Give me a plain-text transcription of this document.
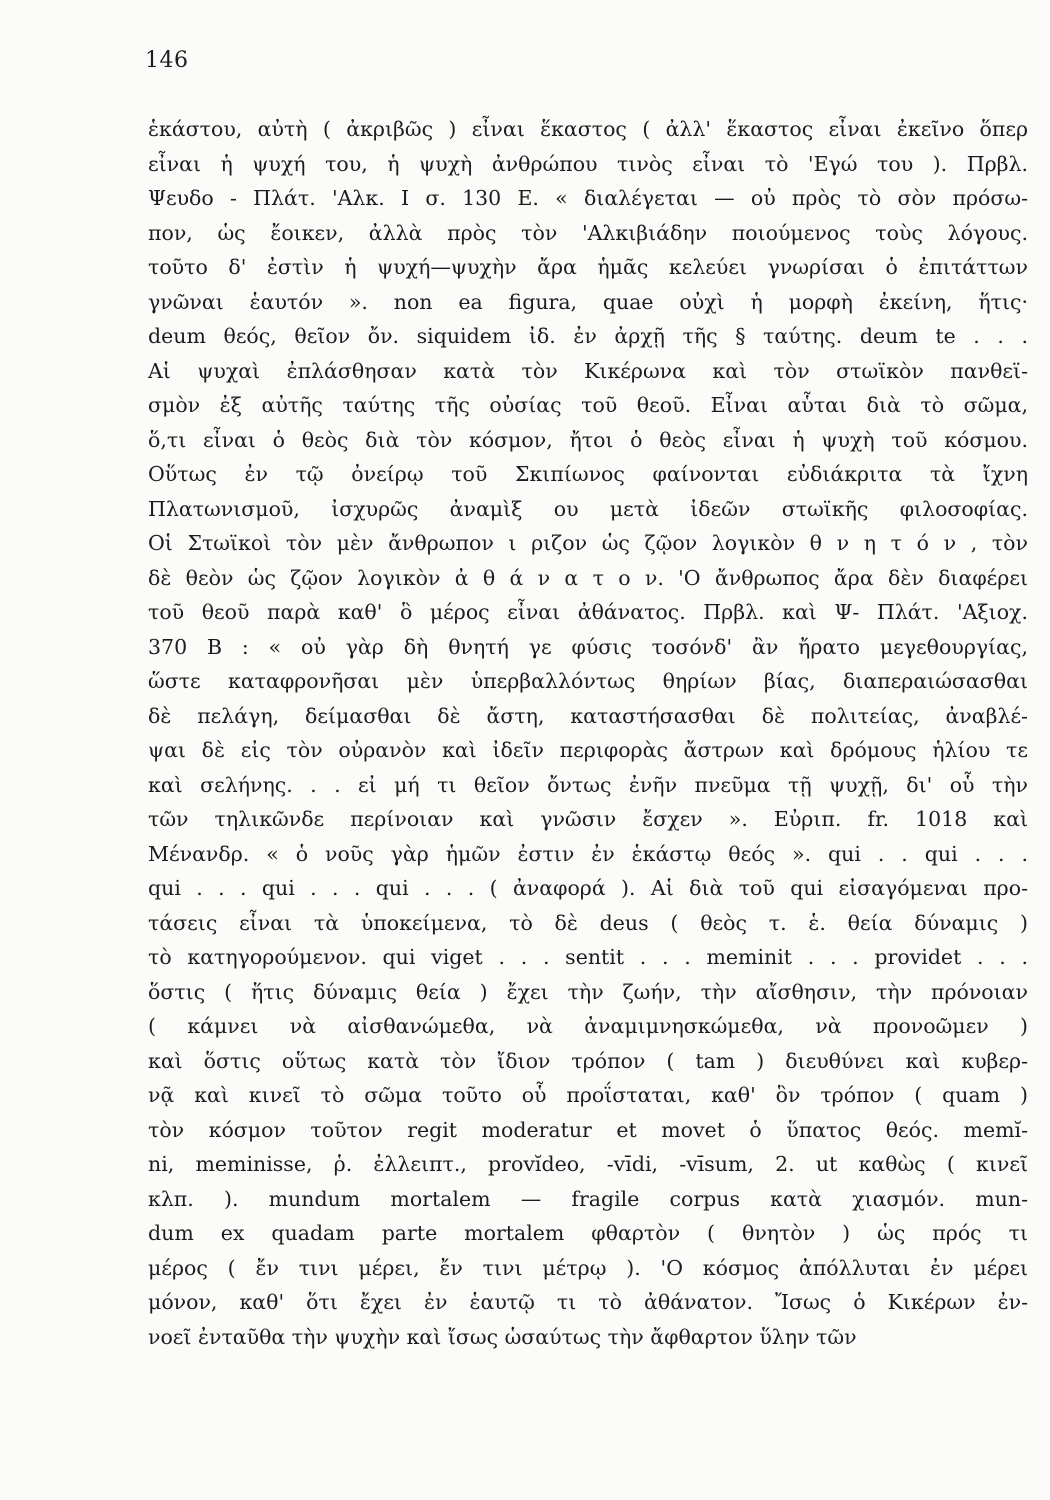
146
ἑκάστου, αὐτὴ ( ἀκριβῶς ) εἶναι ἕκαστος ( ἀλλ' ἕκαστος εἶναι ἐκεῖνο ὅπερ
εἶναι ἡ ψυχή του, ἡ ψυχὴ ἀνθρώπου τινὸς εἶναι τὸ 'Εγώ του ). Πρβλ.
Ψευδο - Πλάτ. 'Αλκ. Ι σ. 130 Ε. « διαλέγεται — οὐ πρὸς τὸ σὸν πρόσω-
πον, ὡς ἔοικεν, ἀλλὰ πρὸς τὸν 'Αλκιβιάδην ποιούμενος τοὺς λόγους.
τοῦτο δ' ἐστὶν ἡ ψυχή—ψυχὴν ἄρα ἡμᾶς κελεύει γνωρίσαι ὁ ἐπιτάττων
γνῶναι ἑαυτόν ». non ea figura, quae οὐχὶ ἡ μορφὴ ἐκείνη, ἥτις·
deum θεός, θεῖον ὄν. siquidem ἰδ. ἐν ἀρχῇ τῆς § ταύτης. deum te . . .
Αἱ ψυχαὶ ἐπλάσθησαν κατὰ τὸν Κικέρωνα καὶ τὸν στωϊκὸν πανθεϊ-
σμὸν ἐξ αὐτῆς ταύτης τῆς οὐσίας τοῦ θεοῦ. Εἶναι αὗται διὰ τὸ σῶμα,
ὅ,τι εἶναι ὁ θεὸς διὰ τὸν κόσμον, ἤτοι ὁ θεὸς εἶναι ἡ ψυχὴ τοῦ κόσμου.
Οὕτως ἐν τῷ ὀνείρῳ τοῦ Σκιπίωνος φαίνονται εὐδιάκριτα τὰ ἴχνη
Πλατωνισμοῦ, ἰσχυρῶς ἀναμὶξ ου μετὰ ἰδεῶν στωϊκῆς φιλοσοφίας.
Οἱ Στωϊκοὶ τὸν μὲν ἄνθρωπον ι ριζον ὡς ζῷον λογικὸν θ ν η τ ό ν , τὸν
δὲ θεὸν ὡς ζῷον λογικὸν ἀ θ ά ν α τ ο ν. 'Ο ἄνθρωπος ἄρα δὲν διαφέρει
τοῦ θεοῦ παρὰ καθ' ὃ μέρος εἶναι ἀθάνατος. Πρβλ. καὶ Ψ- Πλάτ. 'Αξιοχ.
370 Β : « οὐ γὰρ δὴ θνητή γε φύσις τοσόνδ' ἂν ἤρατο μεγεθουργίας,
ὥστε καταφρονῆσαι μὲν ὑπερβαλλόντως θηρίων βίας, διαπεραιώσασθαι
δὲ πελάγη, δείμασθαι δὲ ἄστη, καταστήσασθαι δὲ πολιτείας, ἀναβλέ-
ψαι δὲ εἰς τὸν οὐρανὸν καὶ ἰδεῖν περιφορὰς ἄστρων καὶ δρόμους ἡλίου τε
καὶ σελήνης. . . εἰ μή τι θεῖον ὄντως ἐνῆν πνεῦμα τῇ ψυχῇ, δι' οὗ τὴν
τῶν τηλικῶνδε περίνοιαν καὶ γνῶσιν ἔσχεν ». Εὐριπ. fr. 1018 καὶ
Μένανδρ. « ὁ νοῦς γὰρ ἡμῶν ἐστιν ἐν ἑκάστῳ θεός ». qui . . qui . . .
qui . . . qui . . . qui . . . ( ἀναφορά ). Αἱ διὰ τοῦ qui εἰσαγόμεναι προ-
τάσεις εἶναι τὰ ὑποκείμενα, τὸ δὲ deus ( θεὸς τ. ἑ. θεία δύναμις )
τὸ κατηγορούμενον. qui viget . . . sentit . . . meminit . . . providet . . .
ὅστις ( ἥτις δύναμις θεία ) ἔχει τὴν ζωήν, τὴν αἴσθησιν, τὴν πρόνοιαν
( κάμνει νὰ αἰσθανώμεθα, νὰ ἀναμιμνησκώμεθα, νὰ προνοῶμεν )
καὶ ὅστις οὕτως κατὰ τὸν ἴδιον τρόπον ( tam ) διευθύνει καὶ κυβερ-
νᾷ καὶ κινεῖ τὸ σῶμα τοῦτο οὗ προΐσταται, καθ' ὃν τρόπον ( quam )
τὸν κόσμον τοῦτον regit moderatur et movet ὁ ὕπατος θεός. memĭ-
ni, meminisse, ῥ. ἐλλειπτ., provĭdeo, -vīdi, -vīsum, 2. ut καθὼς ( κινεῖ
κλπ. ). mundum mortalem — fragile corpus κατὰ χιασμόν. mun-
dum ex quadam parte mortalem φθαρτὸν ( θνητὸν ) ὡς πρός τι
μέρος ( ἔν τινι μέρει, ἔν τινι μέτρῳ ). 'Ο κόσμος ἀπόλλυται ἐν μέρει
μόνον, καθ' ὅτι ἔχει ἐν ἑαυτῷ τι τὸ ἀθάνατον. Ἴσως ὁ Κικέρων ἐν-
νοεῖ ἐνταῦθα τὴν ψυχὴν καὶ ἴσως ὡσαύτως τὴν ἄφθαρτον ὕλην τῶν
